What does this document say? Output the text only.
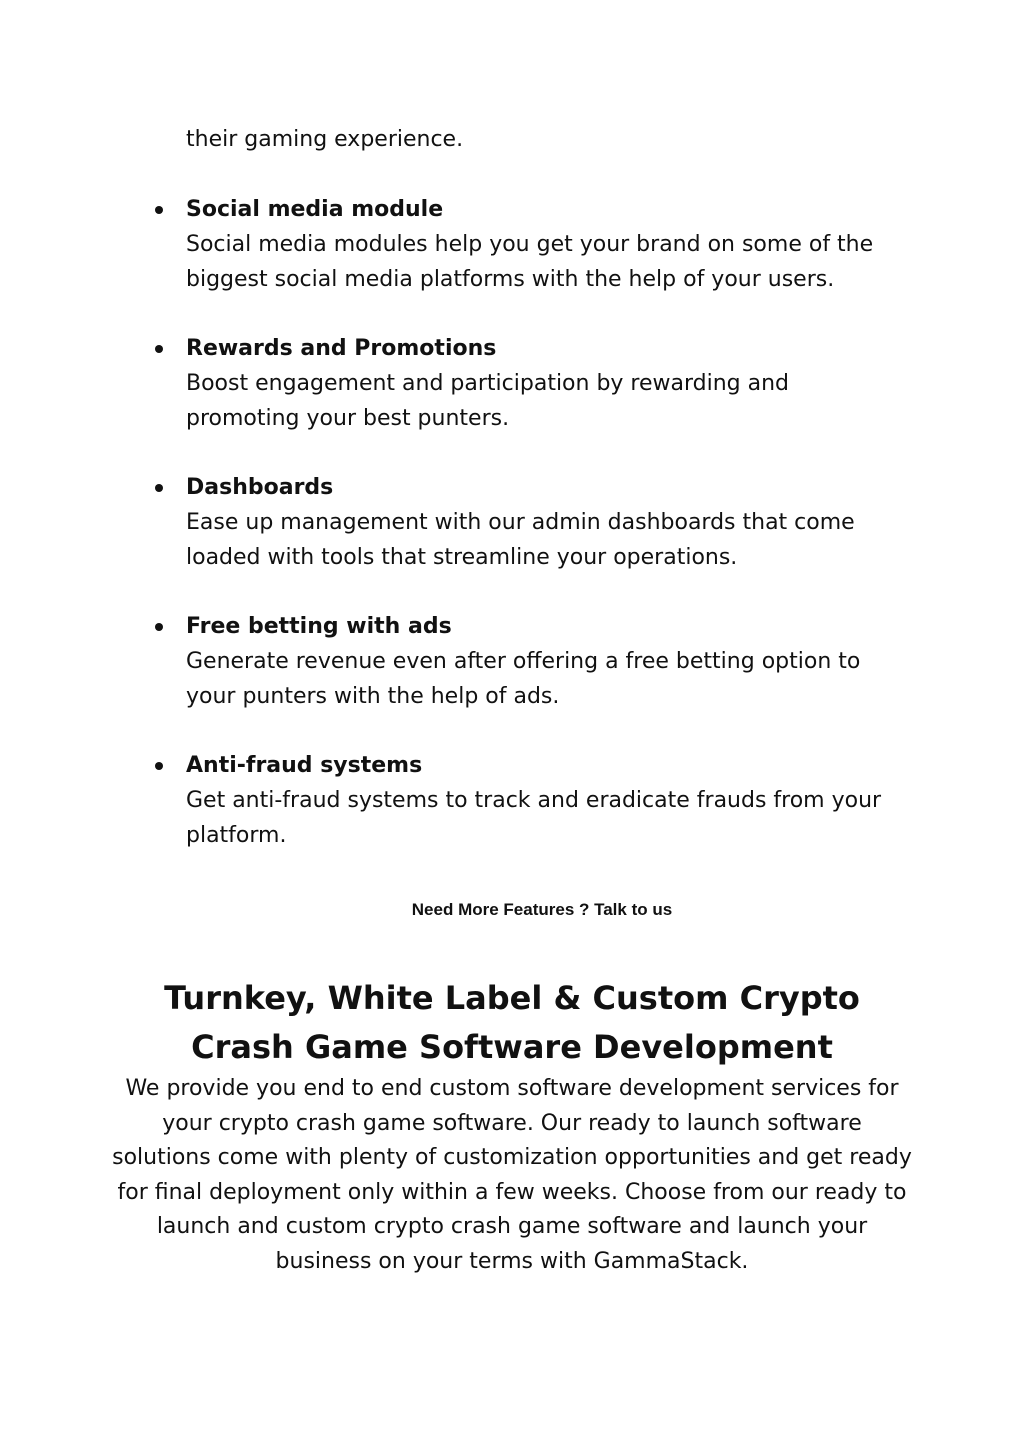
their gaming experience.

Social media module
Social media modules help you get your brand on some of the biggest social media platforms with the help of your users.
Rewards and Promotions
Boost engagement and participation by rewarding and promoting your best punters.
Dashboards
Ease up management with our admin dashboards that come loaded with tools that streamline your operations.
Free betting with ads
Generate revenue even after offering a free betting option to your punters with the help of ads.
Anti-fraud systems
Get anti-fraud systems to track and eradicate frauds from your platform.

Need More Features ? Talk to us

Turnkey, White Label & Custom Crypto Crash Game Software Development

We provide you end to end custom software development services for your crypto crash game software. Our ready to launch software solutions come with plenty of customization opportunities and get ready for final deployment only within a few weeks. Choose from our ready to launch and custom crypto crash game software and launch your business on your terms with GammaStack.
